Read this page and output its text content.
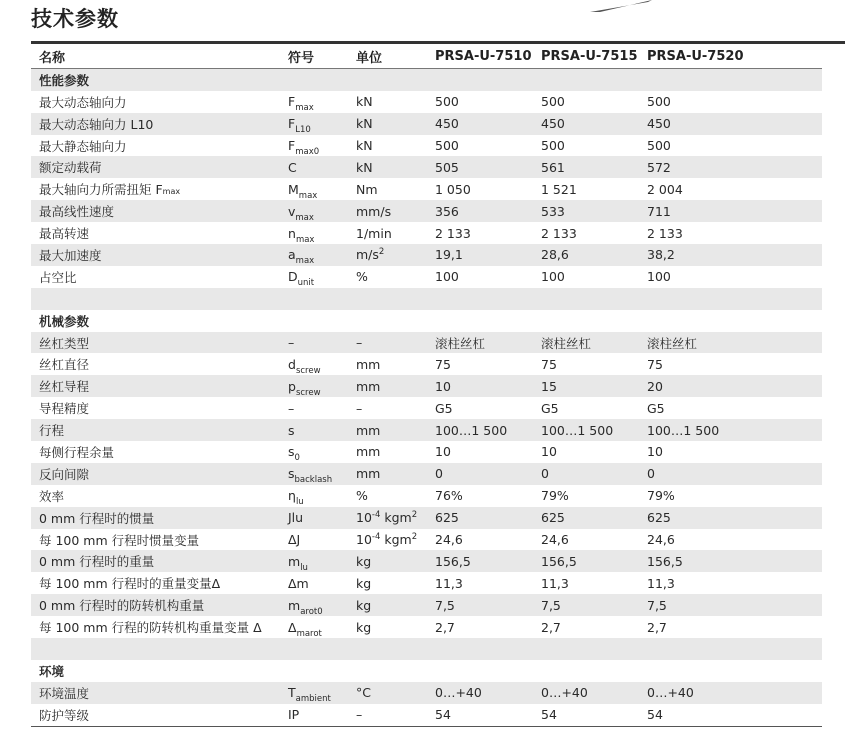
技术参数
名称	符号	单位	PRSA-U-7510	PRSA-U-7515	PRSA-U-7520
性能参数					
最大动态轴向力	$F_{max}$	kN	500	500	500
最大动态轴向力 L10	$F_{L10}$	kN	450	450	450
最大静态轴向力	$F_{max0}$	kN	500	500	500
额定动载荷	C	kN	505	561	572
最大轴向力所需扭矩 Fmax	$M_{max}$	Nm	1 050	1 521	2 004
最高线性速度	$v_{max}$	mm/s	356	533	711
最高转速	$n_{max}$	1/min	2 133	2 133	2 133
最大加速度	$a_{max}$	$m/s^2$	19,1	28,6	38,2
占空比	$D_{unit}$	%	100	100	100

机械参数					
丝杠类型	–	–	滚柱丝杠	滚柱丝杠	滚柱丝杠
丝杠直径	$d_{screw}$	mm	75	75	75
丝杠导程	$p_{screw}$	mm	10	15	20
导程精度	–	–	G5	G5	G5
行程	s	mm	100…1 500	100…1 500	100…1 500
每侧行程余量	$s_0$	mm	10	10	10
反向间隙	$s_{backlash}$	mm	0	0	0
效率	$\eta_{lu}$	%	76%	79%	79%
0 mm 行程时的惯量	Jlu	$10^{-4}$ kgm$^2$	625	625	625
每 100 mm 行程时惯量变量	ΔJ	$10^{-4}$ kgm$^2$	24,6	24,6	24,6
0 mm 行程时的重量	$m_{lu}$	kg	156,5	156,5	156,5
每 100 mm 行程时的重量变量Δ	Δm	kg	11,3	11,3	11,3
0 mm 行程时的防转机构重量	$m_{arot0}$	kg	7,5	7,5	7,5
每 100 mm 行程的防转机构重量变量 Δ	$\Delta_{marot}$	kg	2,7	2,7	2,7

环境					
环境温度	$T_{ambient}$	°C	0…+40	0…+40	0…+40
防护等级	IP	–	54	54	54
